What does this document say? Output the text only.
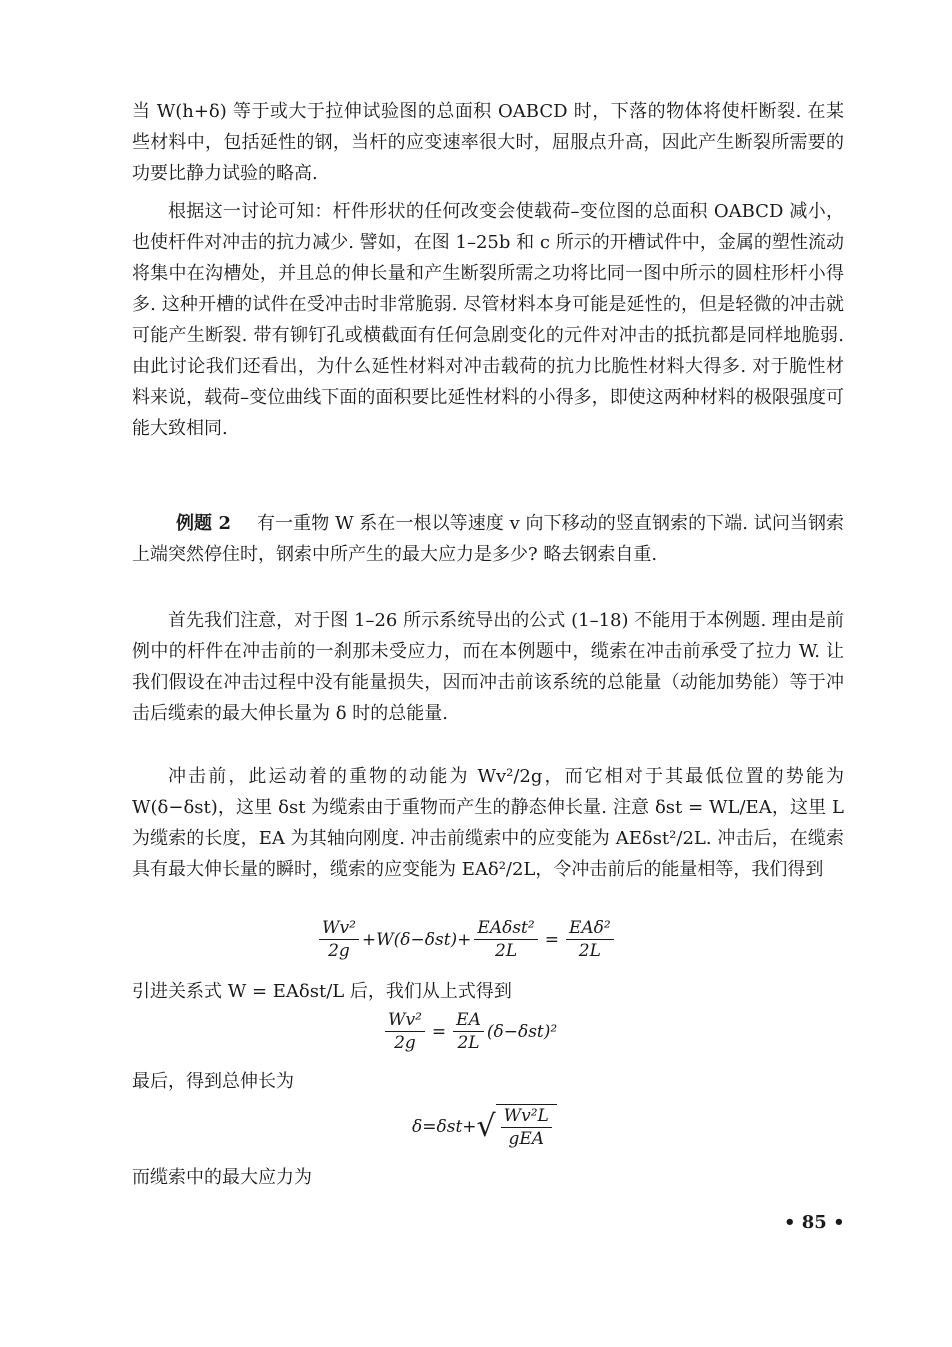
当 W(h+δ) 等于或大于拉伸试验图的总面积 OABCD 时，下落的物体将使杆断裂. 在某些材料中，包括延性的钢，当杆的应变速率很大时，屈服点升高，因此产生断裂所需要的功要比静力试验的略高.

根据这一讨论可知：杆件形状的任何改变会使载荷–变位图的总面积 OABCD 减小，也使杆件对冲击的抗力减少. 譬如，在图 1–25b 和 c 所示的开槽试件中，金属的塑性流动将集中在沟槽处，并且总的伸长量和产生断裂所需之功将比同一图中所示的圆柱形杆小得多. 这种开槽的试件在受冲击时非常脆弱. 尽管材料本身可能是延性的，但是轻微的冲击就可能产生断裂. 带有铆钉孔或横截面有任何急剧变化的元件对冲击的抵抗都是同样地脆弱. 由此讨论我们还看出，为什么延性材料对冲击载荷的抗力比脆性材料大得多. 对于脆性材料来说，载荷–变位曲线下面的面积要比延性材料的小得多，即使这两种材料的极限强度可能大致相同.

例题 2 有一重物 W 系在一根以等速度 v 向下移动的竖直钢索的下端. 试问当钢索上端突然停住时，钢索中所产生的最大应力是多少? 略去钢索自重.

首先我们注意，对于图 1–26 所示系统导出的公式 (1–18) 不能用于本例题. 理由是前例中的杆件在冲击前的一刹那未受应力，而在本例题中，缆索在冲击前承受了拉力 W. 让我们假设在冲击过程中没有能量损失，因而冲击前该系统的总能量（动能加势能）等于冲击后缆索的最大伸长量为 δ 时的总能量.

冲击前，此运动着的重物的动能为 Wv²/2g，而它相对于其最低位置的势能为 W(δ−δst)，这里 δst 为缆索由于重物而产生的静态伸长量. 注意 δst = WL/EA，这里 L 为缆索的长度，EA 为其轴向刚度. 冲击前缆索中的应变能为 AEδst²/2L. 冲击后，在缆索具有最大伸长量的瞬时，缆索的应变能为 EAδ²/2L，令冲击前后的能量相等，我们得到

$\frac{\text{Wv²}}{2g} +W(\delta-\delta st)+ \frac{\text{EAδst²}}{2L} = \frac{\text{EAδ²}}{2L}$
引进关系式 W = EAδst/L 后，我们从上式得到
$\frac{\text{Wv²}}{2g} = \frac{EA}{2L} (\delta-\delta st)^2$
最后，得到总伸长为
δ=δst+ √ $\frac{\text{Wv²L}}{\text{gEA}}$
而缆索中的最大应力为
• 85 •
